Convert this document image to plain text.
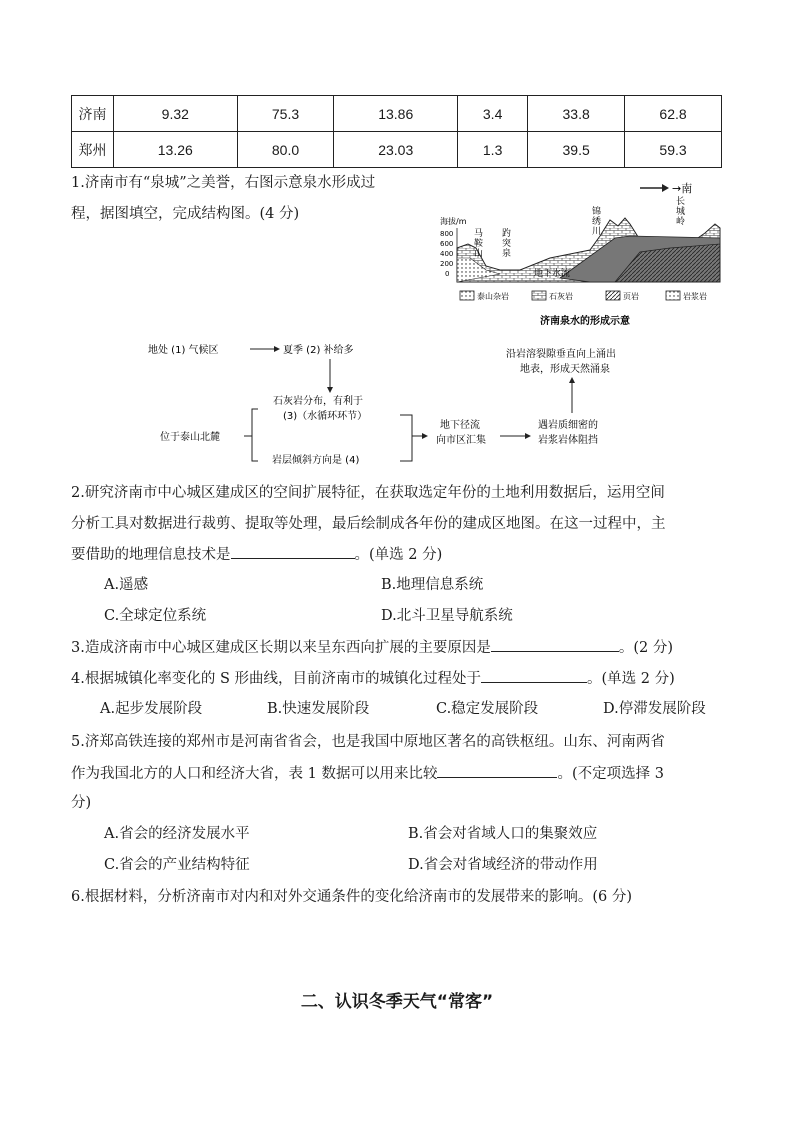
济南	9.32	75.3	13.86	3.4	33.8	62.8
郑州	13.26	80.0	23.03	1.3	39.5	59.3
1.济南市有“泉城”之美誉，右图示意泉水形成过
程，据图填空，完成结构图。(4 分)
→南
海拔/m
800
600
400
200
0
马鞍山
趵突泉
锦绣川
长城岭
地下水流
泰山杂岩	石灰岩	页岩	岩浆岩
济南泉水的形成示意
地处 (1) 气候区	夏季 (2) 补给多
石灰岩分布，有利于
(3)（水循环环节）
位于泰山北麓
岩层倾斜方向是 (4)
地下径流
向市区汇集
遇岩质细密的
岩浆岩体阻挡
沿岩溶裂隙垂直向上涌出
地表，形成天然涌泉
2.研究济南市中心城区建成区的空间扩展特征，在获取选定年份的土地利用数据后，运用空间
分析工具对数据进行裁剪、提取等处理，最后绘制成各年份的建成区地图。在这一过程中，主
要借助的地理信息技术是	。(单选 2 分)
A.遥感	B.地理信息系统
C.全球定位系统	D.北斗卫星导航系统
3.造成济南市中心城区建成区长期以来呈东西向扩展的主要原因是	。(2 分)
4.根据城镇化率变化的 S 形曲线，目前济南市的城镇化过程处于	。(单选 2 分)
A.起步发展阶段	B.快速发展阶段	C.稳定发展阶段	D.停滞发展阶段
5.济郑高铁连接的郑州市是河南省省会，也是我国中原地区著名的高铁枢纽。山东、河南两省
作为我国北方的人口和经济大省，表 1 数据可以用来比较	。(不定项选择 3
分)
A.省会的经济发展水平	B.省会对省域人口的集聚效应
C.省会的产业结构特征	D.省会对省域经济的带动作用
6.根据材料，分析济南市对内和对外交通条件的变化给济南市的发展带来的影响。(6 分)
二、认识冬季天气“常客”
